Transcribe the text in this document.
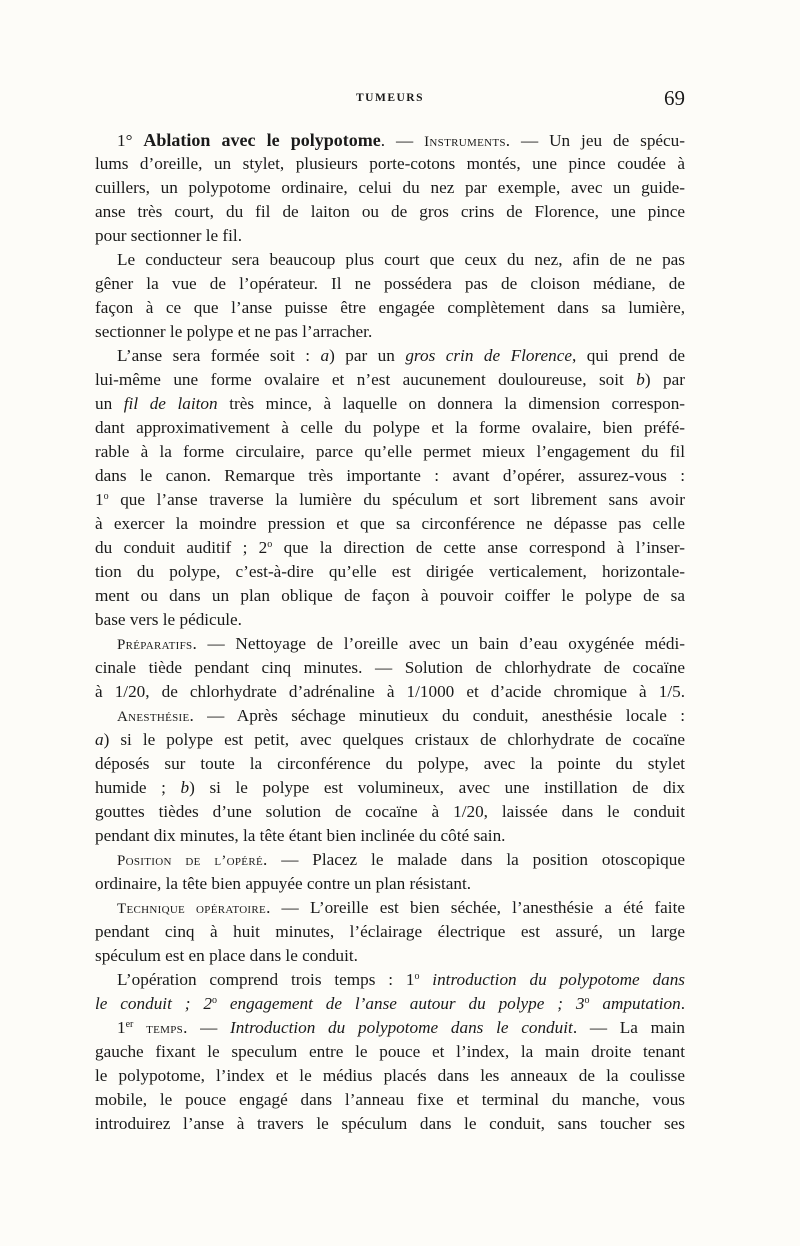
TUMEURS	69
1° Ablation avec le polypotome. — Instruments. — Un jeu de spécu-
lums d’oreille, un stylet, plusieurs porte-cotons montés, une pince coudée à
cuillers, un polypotome ordinaire, celui du nez par exemple, avec un guide-
anse très court, du fil de laiton ou de gros crins de Florence, une pince
pour sectionner le fil.
Le conducteur sera beaucoup plus court que ceux du nez, afin de ne pas
gêner la vue de l’opérateur. Il ne possédera pas de cloison médiane, de
façon à ce que l’anse puisse être engagée complètement dans sa lumière,
sectionner le polype et ne pas l’arracher.
L’anse sera formée soit : a) par un gros crin de Florence, qui prend de
lui-même une forme ovalaire et n’est aucunement douloureuse, soit b) par
un fil de laiton très mince, à laquelle on donnera la dimension correspon-
dant approximativement à celle du polype et la forme ovalaire, bien préfé-
rable à la forme circulaire, parce qu’elle permet mieux l’engagement du fil
dans le canon. Remarque très importante : avant d’opérer, assurez-vous :
1$^o$ que l’anse traverse la lumière du spéculum et sort librement sans avoir
à exercer la moindre pression et que sa circonférence ne dépasse pas celle
du conduit auditif ; 2$^o$ que la direction de cette anse correspond à l’inser-
tion du polype, c’est-à-dire qu’elle est dirigée verticalement, horizontale-
ment ou dans un plan oblique de façon à pouvoir coiffer le polype de sa
base vers le pédicule.
Préparatifs. — Nettoyage de l’oreille avec un bain d’eau oxygénée médi-
cinale tiède pendant cinq minutes. — Solution de chlorhydrate de cocaïne
à 1/20, de chlorhydrate d’adrénaline à 1/1000 et d’acide chromique à 1/5.
Anesthésie. — Après séchage minutieux du conduit, anesthésie locale :
a) si le polype est petit, avec quelques cristaux de chlorhydrate de cocaïne
déposés sur toute la circonférence du polype, avec la pointe du stylet
humide ; b) si le polype est volumineux, avec une instillation de dix
gouttes tièdes d’une solution de cocaïne à 1/20, laissée dans le conduit
pendant dix minutes, la tête étant bien inclinée du côté sain.
Position de l’opéré. — Placez le malade dans la position otoscopique
ordinaire, la tête bien appuyée contre un plan résistant.
Technique opératoire. — L’oreille est bien séchée, l’anesthésie a été faite
pendant cinq à huit minutes, l’éclairage électrique est assuré, un large
spéculum est en place dans le conduit.
L’opération comprend trois temps : 1$^o$ introduction du polypotome dans
le conduit ; 2$^o$ engagement de l’anse autour du polype ; 3$^o$ amputation.
1er temps. — Introduction du polypotome dans le conduit. — La main
gauche fixant le speculum entre le pouce et l’index, la main droite tenant
le polypotome, l’index et le médius placés dans les anneaux de la coulisse
mobile, le pouce engagé dans l’anneau fixe et terminal du manche, vous
introduirez l’anse à travers le spéculum dans le conduit, sans toucher ses
